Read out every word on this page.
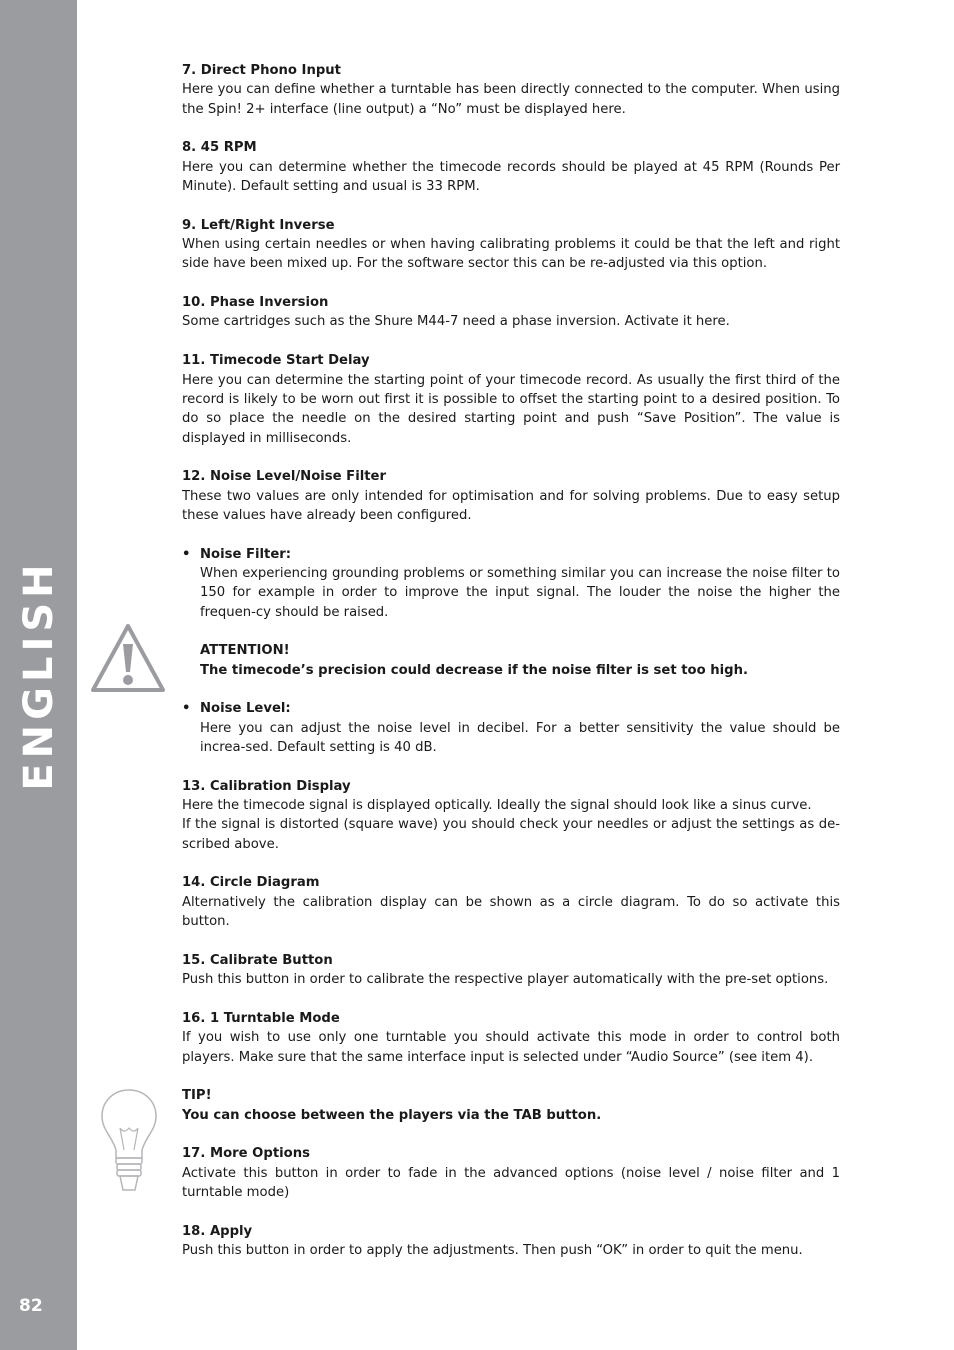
ENGLISH
82
7. Direct Phono Input

Here you can define whether a turntable has been directly connected to the computer. When using the Spin! 2+ interface (line output) a “No” must be displayed here.

8. 45 RPM

Here you can determine whether the timecode records should be played at 45 RPM (Rounds Per Minute). Default setting and usual is 33 RPM.

9. Left/Right Inverse

When using certain needles or when having calibrating problems it could be that the left and right side have been mixed up. For the software sector this can be re-adjusted via this option.

10. Phase Inversion

Some cartridges such as the Shure M44-7 need a phase inversion. Activate it here.

11. Timecode Start Delay

Here you can determine the starting point of your timecode record. As usually the first third of the record is likely to be worn out first it is possible to offset the starting point to a desired position. To do so place the needle on the desired starting point and push “Save Position”. The value is displayed in milliseconds.

12. Noise Level/Noise Filter

These two values are only intended for optimisation and for solving problems. Due to easy setup these values have already been configured.

• Noise Filter:

When experiencing grounding problems or something similar you can increase the noise filter to 150 for example in order to improve the input signal. The louder the noise the higher the frequen-cy should be raised.

ATTENTION!
The timecode’s precision could decrease if the noise filter is set too high.
• Noise Level:

Here you can adjust the noise level in decibel. For a better sensitivity the value should be increa-sed. Default setting is 40 dB.

13. Calibration Display

Here the timecode signal is displayed optically. Ideally the signal should look like a sinus curve.

If the signal is distorted (square wave) you should check your needles or adjust the settings as de-scribed above.

14. Circle Diagram

Alternatively the calibration display can be shown as a circle diagram. To do so activate this button.

15. Calibrate Button

Push this button in order to calibrate the respective player automatically with the pre-set options.

16. 1 Turntable Mode

If you wish to use only one turntable you should activate this mode in order to control both players. Make sure that the same interface input is selected under “Audio Source” (see item 4).

TIP!
You can choose between the players via the TAB button.
17. More Options

Activate this button in order to fade in the advanced options (noise level / noise filter and 1 turntable mode)

18. Apply

Push this button in order to apply the adjustments. Then push “OK” in order to quit the menu.
